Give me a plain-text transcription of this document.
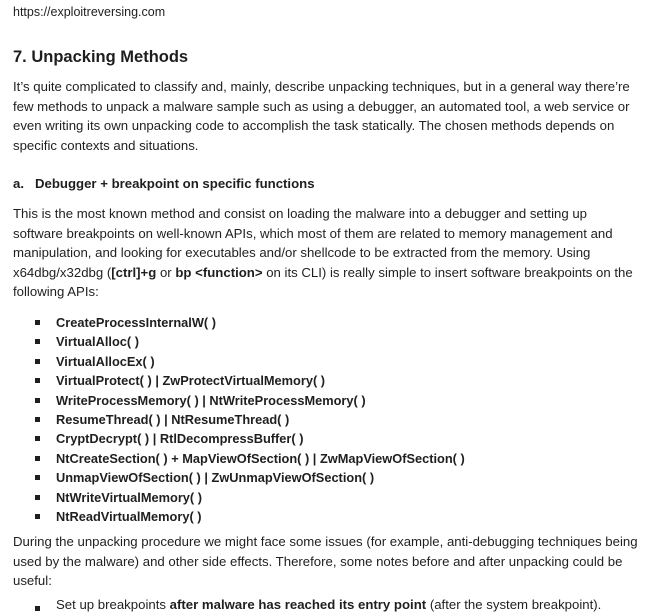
https://exploitreversing.com
7. Unpacking Methods
It’s quite complicated to classify and, mainly, describe unpacking techniques, but in a general way there’re
few methods to unpack a malware sample such as using a debugger, an automated tool, a web service or
even writing its own unpacking code to accomplish the task statically. The chosen methods depends on
specific contexts and situations.
a. Debugger + breakpoint on specific functions
This is the most known method and consist on loading the malware into a debugger and setting up
software breakpoints on well-known APIs, which most of them are related to memory management and
manipulation, and looking for executables and/or shellcode to be extracted from the memory. Using
x64dbg/x32dbg ([ctrl]+g or bp <function> on its CLI) is really simple to insert software breakpoints on the
following APIs:
CreateProcessInternalW( )
VirtualAlloc( )
VirtualAllocEx( )
VirtualProtect( ) | ZwProtectVirtualMemory( )
WriteProcessMemory( ) | NtWriteProcessMemory( )
ResumeThread( ) | NtResumeThread( )
CryptDecrypt( ) | RtlDecompressBuffer( )
NtCreateSection( ) + MapViewOfSection( ) | ZwMapViewOfSection( )
UnmapViewOfSection( ) | ZwUnmapViewOfSection( )
NtWriteVirtualMemory( )
NtReadVirtualMemory( )
During the unpacking procedure we might face some issues (for example, anti-debugging techniques being
used by the malware) and other side effects. Therefore, some notes before and after unpacking could be
useful:
Set up breakpoints after malware has reached its entry point (after the system breakpoint).
